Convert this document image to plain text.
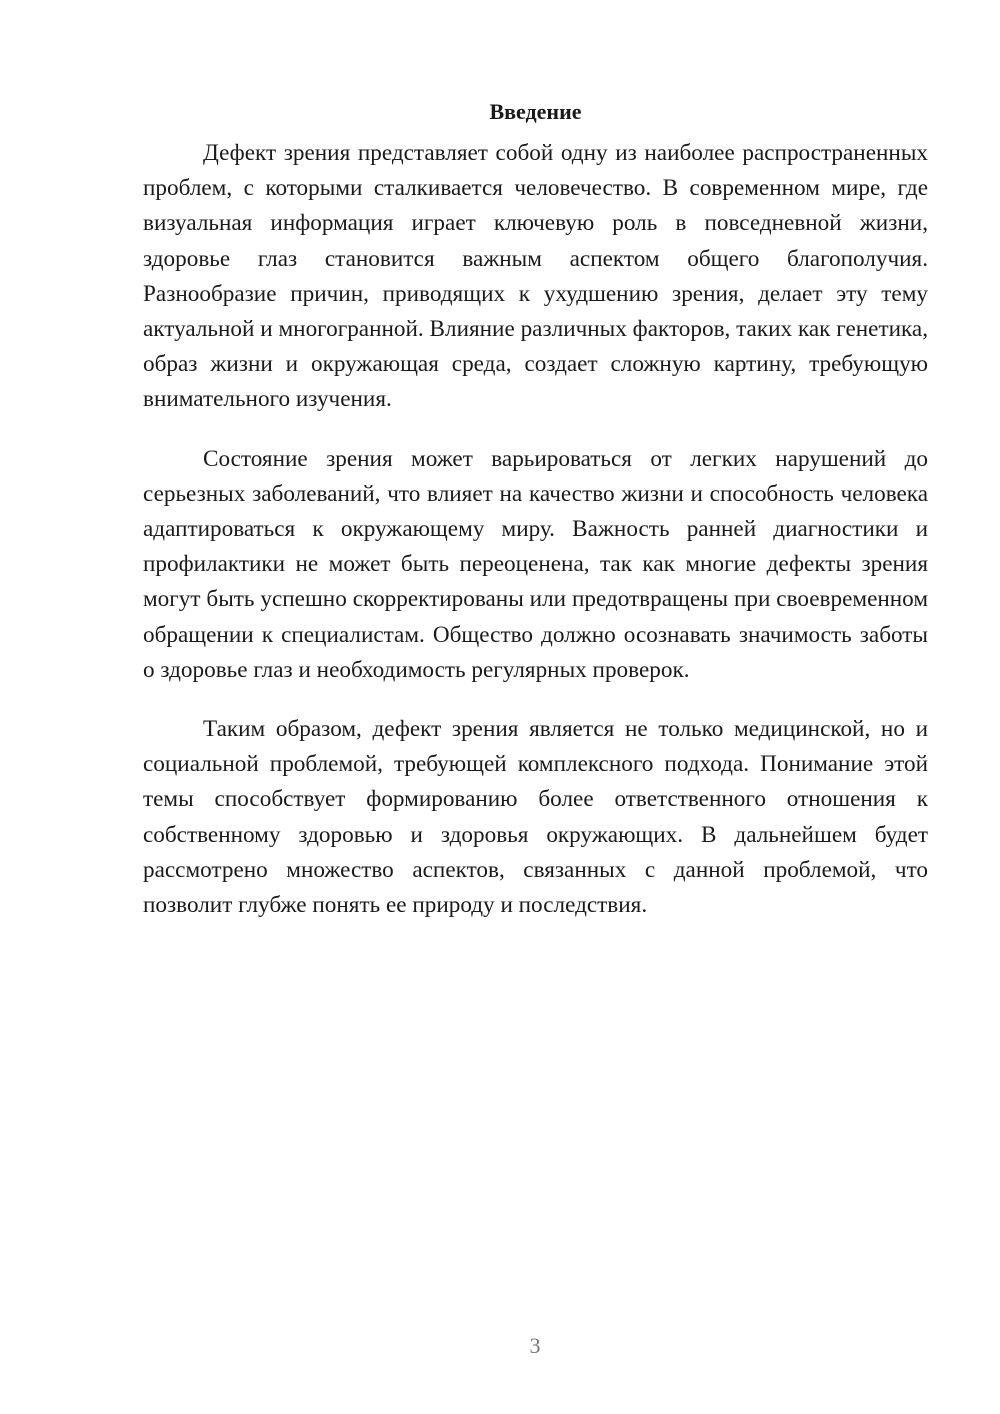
Введение

Дефект зрения представляет собой одну из наиболее распространенных проблем, с которыми сталкивается человечество. В современном мире, где визуальная информация играет ключевую роль в повседневной жизни, здоровье глаз становится важным аспектом общего благополучия. Разнообразие причин, приводящих к ухудшению зрения, делает эту тему актуальной и многогранной. Влияние различных факторов, таких как генетика, образ жизни и окружающая среда, создает сложную картину, требующую внимательного изучения.

Состояние зрения может варьироваться от легких нарушений до серьезных заболеваний, что влияет на качество жизни и способность человека адаптироваться к окружающему миру. Важность ранней диагностики и профилактики не может быть переоценена, так как многие дефекты зрения могут быть успешно скорректированы или предотвращены при своевременном обращении к специалистам. Общество должно осознавать значимость заботы о здоровье глаз и необходимость регулярных проверок.

Таким образом, дефект зрения является не только медицинской, но и социальной проблемой, требующей комплексного подхода. Понимание этой темы способствует формированию более ответственного отношения к собственному здоровью и здоровья окружающих. В дальнейшем будет рассмотрено множество аспектов, связанных с данной проблемой, что позволит глубже понять ее природу и последствия.

3
